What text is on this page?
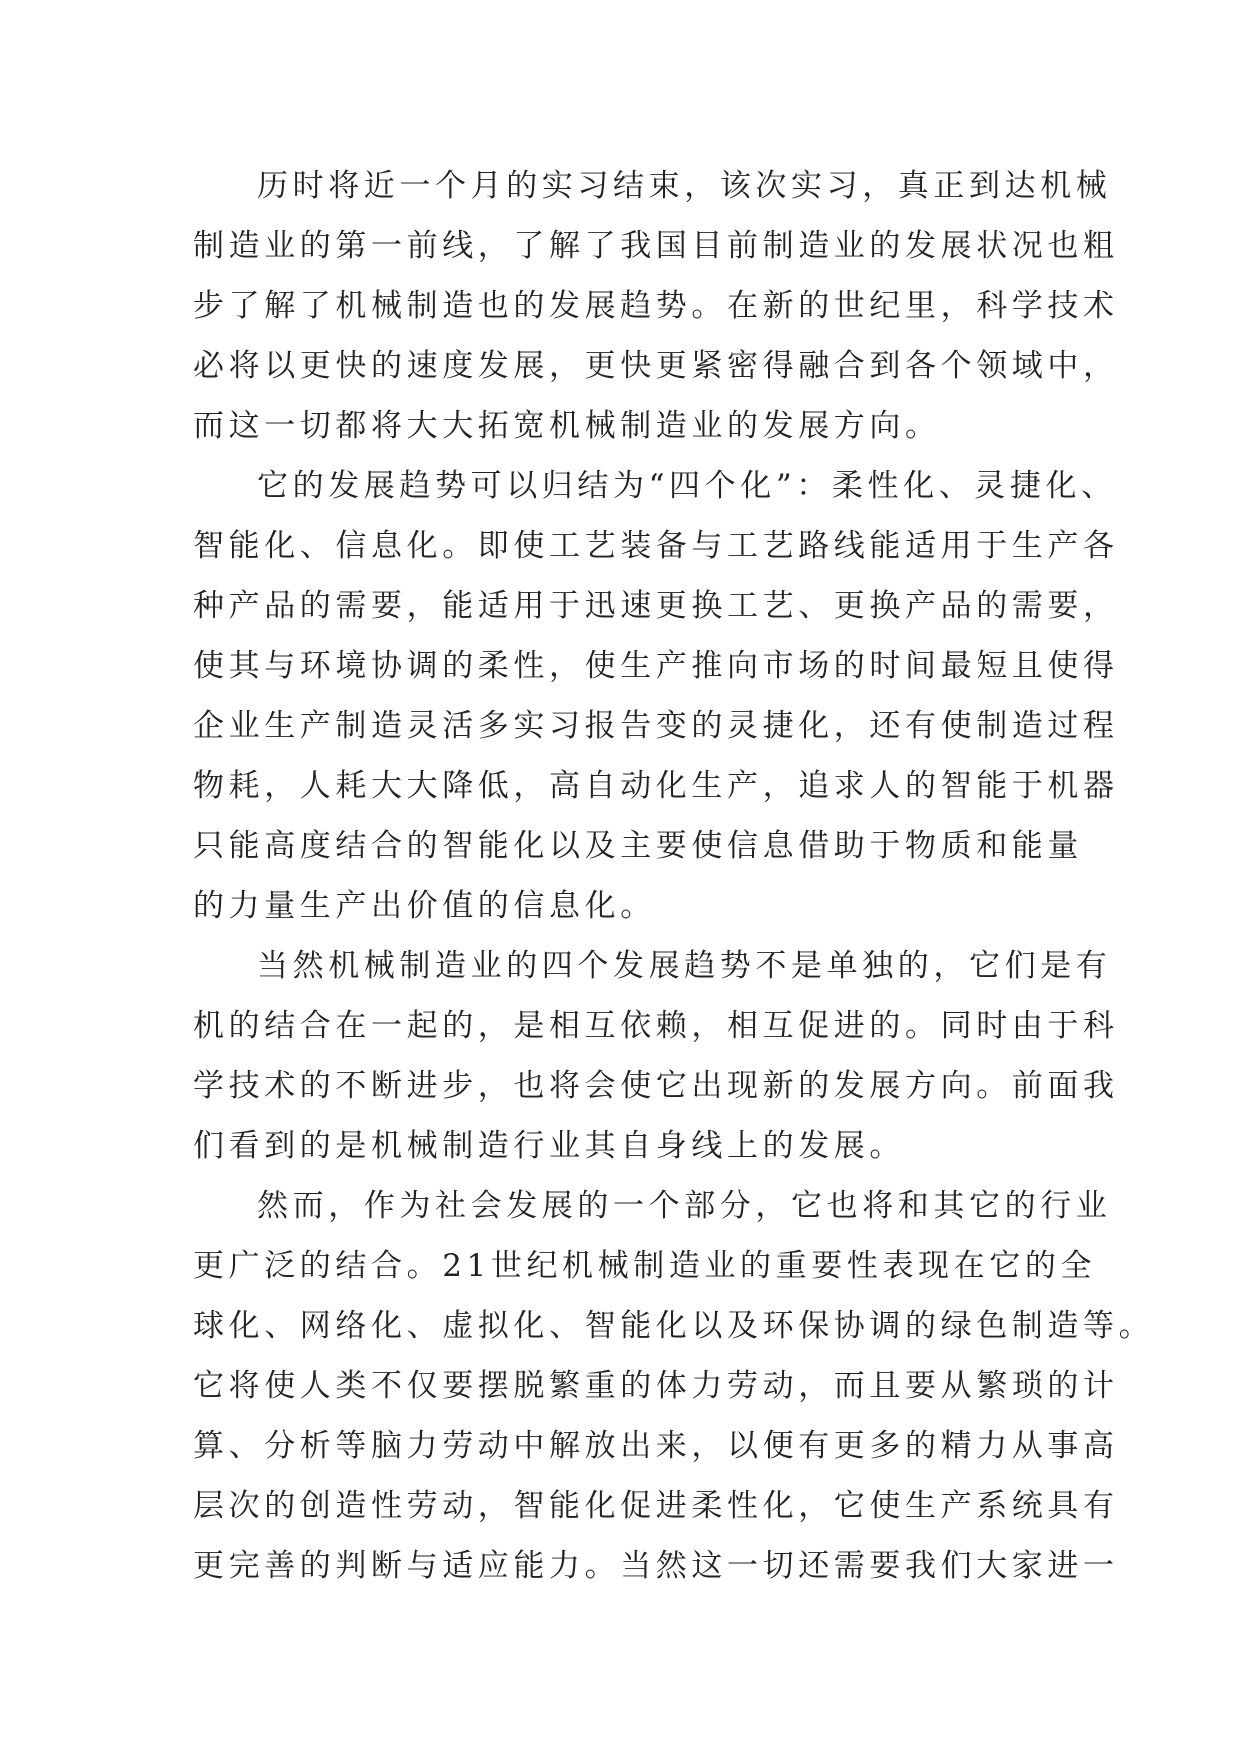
历时将近一个月的实习结束，该次实习，真正到达机械
制造业的第一前线，了解了我国目前制造业的发展状况也粗
步了解了机械制造也的发展趋势。在新的世纪里，科学技术
必将以更快的速度发展，更快更紧密得融合到各个领域中，
而这一切都将大大拓宽机械制造业的发展方向。
它的发展趋势可以归结为“四个化”：柔性化、灵捷化、
智能化、信息化。即使工艺装备与工艺路线能适用于生产各
种产品的需要，能适用于迅速更换工艺、更换产品的需要，
使其与环境协调的柔性，使生产推向市场的时间最短且使得
企业生产制造灵活多实习报告变的灵捷化，还有使制造过程
物耗，人耗大大降低，高自动化生产，追求人的智能于机器
只能高度结合的智能化以及主要使信息借助于物质和能量
的力量生产出价值的信息化。
当然机械制造业的四个发展趋势不是单独的，它们是有
机的结合在一起的，是相互依赖，相互促进的。同时由于科
学技术的不断进步，也将会使它出现新的发展方向。前面我
们看到的是机械制造行业其自身线上的发展。
然而，作为社会发展的一个部分，它也将和其它的行业
更广泛的结合。21世纪机械制造业的重要性表现在它的全
球化、网络化、虚拟化、智能化以及环保协调的绿色制造等。
它将使人类不仅要摆脱繁重的体力劳动，而且要从繁琐的计
算、分析等脑力劳动中解放出来，以便有更多的精力从事高
层次的创造性劳动，智能化促进柔性化，它使生产系统具有
更完善的判断与适应能力。当然这一切还需要我们大家进一
